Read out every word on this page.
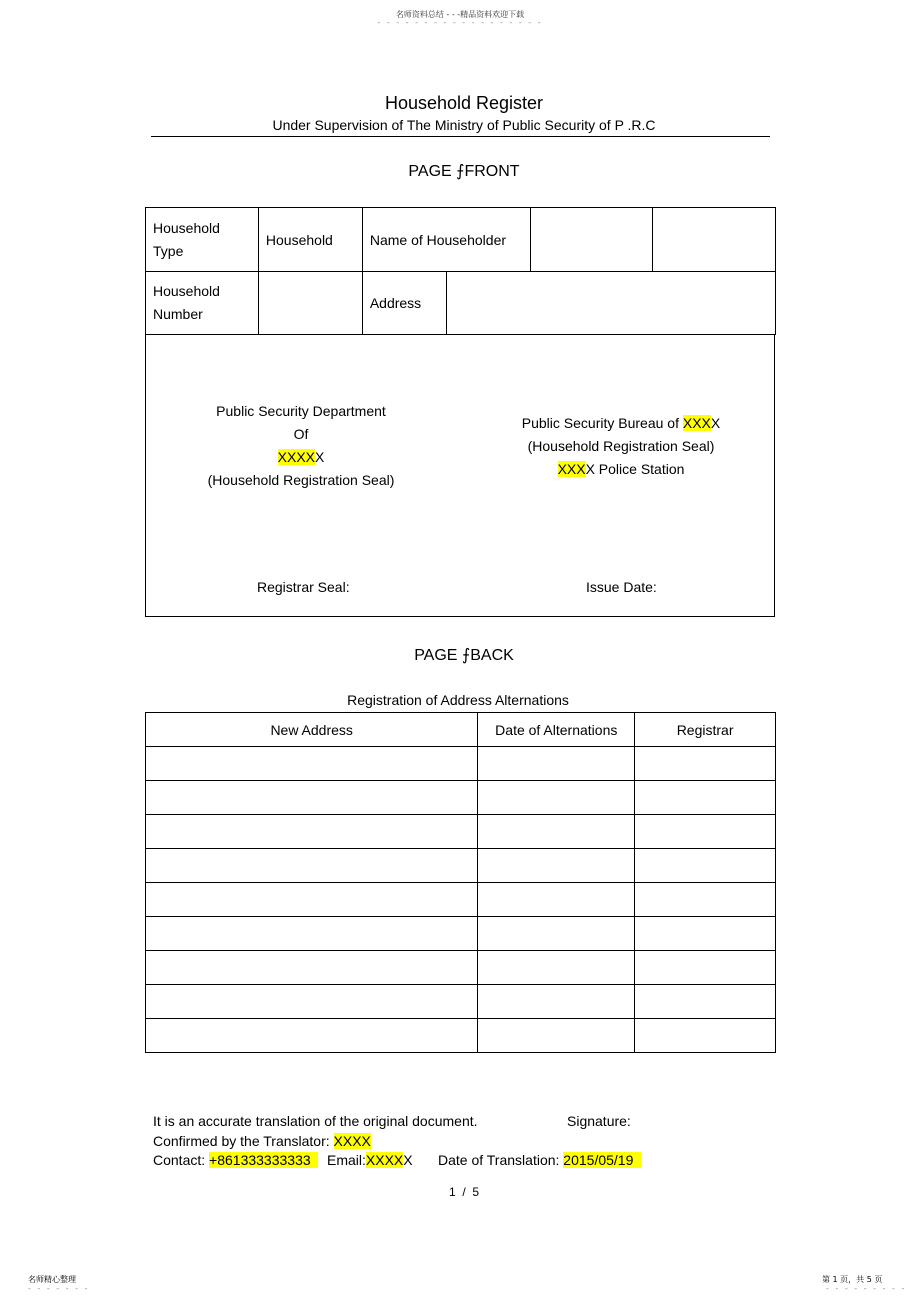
名师资料总结 - - -精品资料欢迎下载
- - - - - - - - - - - - - - - - - -
Household Register
Under Supervision of The Ministry of Public Security of P .R.C
PAGE ⨍FRONT
Household Type	Household	Name of Householder			
Household Number		Address			
Public Security Department
Of
XXXXX
(Household Registration Seal)
Public Security Bureau of XXXX
(Household Registration Seal)
XXXX Police Station
Registrar Seal:	Issue Date:
PAGE ⨍BACK
Registration of Address Alternations
New Address	Date of Alternations	Registrar

It is an accurate translation of the original document.	Signature:
Confirmed by the Translator: XXXX
Contact: +861333333333 Email:XXXXX Date of Translation: 2015/05/19
1  /  5
名师精心整理
- - - - - - -
第 1 页，共 5 页
- - - - - - - - -
